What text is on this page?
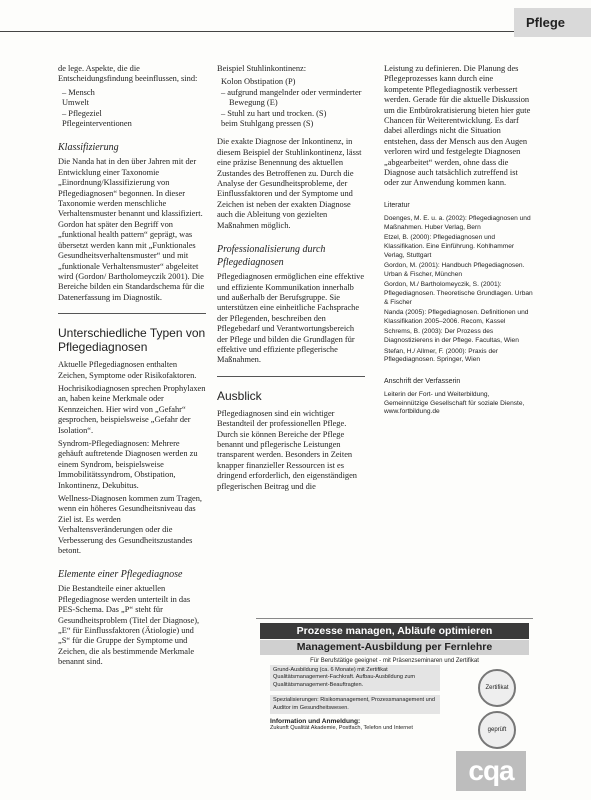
Pflege

de lege. Aspekte, die die Entscheidungsfindung beeinflussen, sind:

– Mensch
Umwelt
– Pflegeziel
Pflegeinterventionen
Klassifizierung

Die Nanda hat in den über Jahren mit der Entwicklung einer Taxonomie „Einordnung/Klassifizierung von Pflegediagnosen“ begonnen. In dieser Taxonomie werden menschliche Verhaltensmuster benannt und klassifiziert. Gordon hat später den Begriff von „funktional health pattern“ geprägt, was übersetzt werden kann mit „Funktionales Gesundheitsverhaltensmuster“ und mit „funktionale Verhaltensmuster“ abgeleitet wird (Gordon/ Bartholomeyczik 2001). Die Bereiche bilden ein Standardschema für die Datenerfassung im Diagnostik.

Unterschiedliche Typen von Pflegediagnosen

Aktuelle Pflegediagnosen enthalten Zeichen, Symptome oder Risikofaktoren.

Hochrisikodiagnosen sprechen Prophylaxen an, haben keine Merkmale oder Kennzeichen. Hier wird von „Gefahr“ gesprochen, beispielsweise „Gefahr der Isolation“.

Syndrom-Pflegediagnosen: Mehrere gehäuft auftretende Diagnosen werden zu einem Syndrom, beispielsweise Immobilitätssyndrom, Obstipation, Inkontinenz, Dekubitus.

Wellness-Diagnosen kommen zum Tragen, wenn ein höheres Gesundheitsniveau das Ziel ist. Es werden Verhaltensveränderungen oder die Verbesserung des Gesundheitszustandes betont.

Elemente einer Pflegediagnose

Die Bestandteile einer aktuellen Pflegediagnose werden unterteilt in das PES-Schema. Das „P“ steht für Gesundheitsproblem (Titel der Diagnose), „E“ für Einflussfaktoren (Ätiologie) und „S“ für die Gruppe der Symptome und Zeichen, die als bestimmende Merkmale benannt sind.

Beispiel Stuhlinkontinenz:

Kolon Obstipation (P)
– aufgrund mangelnder oder verminderter Bewegung (E)
– Stuhl zu hart und trocken. (S)
beim Stuhlgang pressen (S)

Die exakte Diagnose der Inkontinenz, in diesem Beispiel der Stuhlinkontinenz, lässt eine präzise Benennung des aktuellen Zustandes des Betroffenen zu. Durch die Analyse der Gesundheitsprobleme, der Einflussfaktoren und der Symptome und Zeichen ist neben der exakten Diagnose auch die Ableitung von gezielten Maßnahmen möglich.

Professionalisierung durch Pflegediagnosen

Pflegediagnosen ermöglichen eine effektive und effiziente Kommunikation innerhalb und außerhalb der Berufsgruppe. Sie unterstützen eine einheitliche Fachsprache der Pflegenden, beschreiben den Pflegebedarf und Verantwortungsbereich der Pflege und bilden die Grundlagen für effektive und effiziente pflegerische Maßnahmen.

Ausblick

Pflegediagnosen sind ein wichtiger Bestandteil der professionellen Pflege. Durch sie können Bereiche der Pflege benannt und pflegerische Leistungen transparent werden. Besonders in Zeiten knapper finanzieller Ressourcen ist es dringend erforderlich, den eigenständigen pflegerischen Beitrag und die

Leistung zu definieren. Die Planung des Pflegeprozesses kann durch eine kompetente Pflegediagnostik verbessert werden. Gerade für die aktuelle Diskussion um die Entbürokratisierung bieten hier gute Chancen für Weiterentwicklung. Es darf dabei allerdings nicht die Situation entstehen, dass der Mensch aus den Augen verloren wird und festgelegte Diagnosen „abgearbeitet“ werden, ohne dass die Diagnose auch tatsächlich zutreffend ist oder zur Anwendung kommen kann.

Literatur

Doenges, M. E. u. a. (2002): Pflegediagnosen und Maßnahmen. Huber Verlag, Bern

Etzel, B. (2000): Pflegediagnosen und Klassifikation. Eine Einführung. Kohlhammer Verlag, Stuttgart

Gordon, M. (2001): Handbuch Pflegediagnosen. Urban & Fischer, München

Gordon, M./ Bartholomeyczik, S. (2001): Pflegediagnosen. Theoretische Grundlagen. Urban & Fischer

Nanda (2005): Pflegediagnosen. Definitionen und Klassifikation 2005–2006. Recom, Kassel

Schrems, B. (2003): Der Prozess des Diagnostizierens in der Pflege. Facultas, Wien

Stefan, H./ Allmer, F. (2000): Praxis der Pflegediagnosen. Springer, Wien

Anschrift der Verfasserin
Leiterin der Fort- und Weiterbildung, Gemeinnützige Gesellschaft für soziale Dienste, www.fortbildung.de
Prozesse managen, Abläufe optimieren
Management-Ausbildung per Fernlehre
Für Berufstätige geeignet - mit Präsenzseminaren und Zertifikat
Grund-Ausbildung (ca. 6 Monate) mit Zertifikat Qualitätsmanagement-Fachkraft. Aufbau-Ausbildung zum Qualitätsmanagement-Beauftragten.
Spezialisierungen: Risikomanagement, Prozessmanagement und Auditor im Gesundheitswesen.
Information und Anmeldung:
Zukunft Qualität Akademie, Postfach, Telefon und Internet
Zertifikat
geprüft
cqa
